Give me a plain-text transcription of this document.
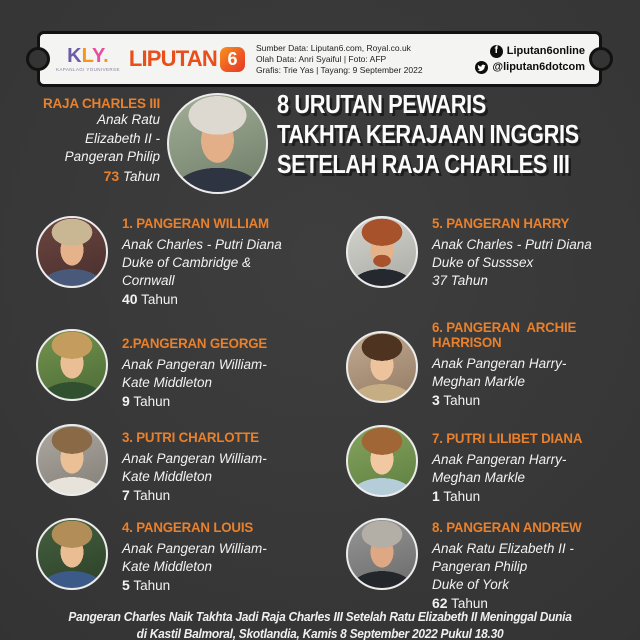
KLY.
KAPANLAGI YOUNIVERSE LIPUTAN 6
Sumber Data: Liputan6.com, Royal.co.uk
Olah Data: Anri Syaiful | Foto: AFP
Grafis: Trie Yas | Tayang: 9 September 2022
f Liputan6online
@liputan6dotcom
RAJA CHARLES III
Anak Ratu
Elizabeth II -
Pangeran Philip
73 Tahun
8 URUTAN PEWARIS
TAKHTA KERAJAAN INGGRIS
SETELAH RAJA CHARLES III
1. PANGERAN WILLIAM
Anak Charles - Putri Diana
Duke of Cambridge &
Cornwall
40 Tahun
2.PANGERAN GEORGE
Anak Pangeran William-
Kate Middleton
9 Tahun
3. PUTRI CHARLOTTE
Anak Pangeran William-
Kate Middleton
7 Tahun
4. PANGERAN LOUIS
Anak Pangeran William-
Kate Middleton
5 Tahun
5. PANGERAN HARRY
Anak Charles - Putri Diana
Duke of Susssex
37 Tahun
6. PANGERAN  ARCHIE HARRISON
Anak Pangeran Harry-
Meghan Markle
3 Tahun
7. PUTRI LILIBET DIANA
Anak Pangeran Harry-
Meghan Markle
1 Tahun
8. PANGERAN ANDREW
Anak Ratu Elizabeth II -
Pangeran Philip
Duke of York
62 Tahun
Pangeran Charles Naik Takhta Jadi Raja Charles III Setelah Ratu Elizabeth II Meninggal Dunia
di Kastil Balmoral, Skotlandia, Kamis 8 September 2022 Pukul 18.30
